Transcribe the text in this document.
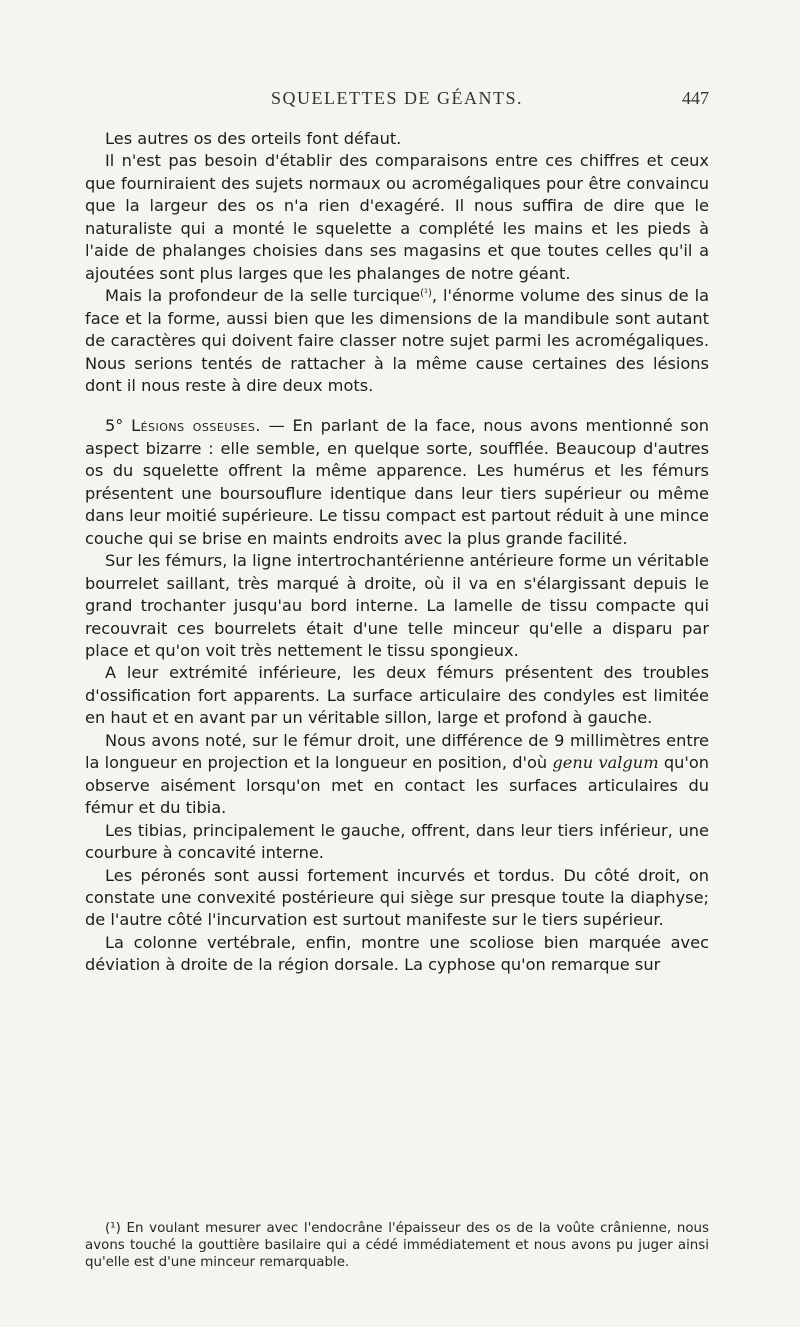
SQUELETTES DE GÉANTS.	447

Les autres os des orteils font défaut.

Il n'est pas besoin d'établir des comparaisons entre ces chiffres et ceux que fourniraient des sujets normaux ou acromégaliques pour être convaincu que la largeur des os n'a rien d'exagéré. Il nous suffira de dire que le naturaliste qui a monté le squelette a complété les mains et les pieds à l'aide de phalanges choisies dans ses magasins et que toutes celles qu'il a ajoutées sont plus larges que les phalanges de notre géant.

Mais la profondeur de la selle turcique$^{(^1)}$, l'énorme volume des sinus de la face et la forme, aussi bien que les dimensions de la mandibule sont autant de caractères qui doivent faire classer notre sujet parmi les acromégaliques. Nous serions tentés de rattacher à la même cause certaines des lésions dont il nous reste à dire deux mots.

5° Lésions osseuses. — En parlant de la face, nous avons mentionné son aspect bizarre : elle semble, en quelque sorte, soufflée. Beaucoup d'autres os du squelette offrent la même apparence. Les humérus et les fémurs présentent une boursouflure identique dans leur tiers supérieur ou même dans leur moitié supérieure. Le tissu compact est partout réduit à une mince couche qui se brise en maints endroits avec la plus grande facilité.

Sur les fémurs, la ligne intertrochantérienne antérieure forme un véritable bourrelet saillant, très marqué à droite, où il va en s'élargissant depuis le grand trochanter jusqu'au bord interne. La lamelle de tissu compacte qui recouvrait ces bourrelets était d'une telle minceur qu'elle a disparu par place et qu'on voit très nettement le tissu spongieux.

A leur extrémité inférieure, les deux fémurs présentent des troubles d'ossification fort apparents. La surface articulaire des condyles est limitée en haut et en avant par un véritable sillon, large et profond à gauche.

Nous avons noté, sur le fémur droit, une différence de 9 millimètres entre la longueur en projection et la longueur en position, d'où genu valgum qu'on observe aisément lorsqu'on met en contact les surfaces articulaires du fémur et du tibia.

Les tibias, principalement le gauche, offrent, dans leur tiers inférieur, une courbure à concavité interne.

Les péronés sont aussi fortement incurvés et tordus. Du côté droit, on constate une convexité postérieure qui siège sur presque toute la diaphyse; de l'autre côté l'incurvation est surtout manifeste sur le tiers supérieur.

La colonne vertébrale, enfin, montre une scoliose bien marquée avec déviation à droite de la région dorsale. La cyphose qu'on remarque sur

(¹) En voulant mesurer avec l'endocrâne l'épaisseur des os de la voûte crânienne, nous avons touché la gouttière basilaire qui a cédé immédiatement et nous avons pu juger ainsi qu'elle est d'une minceur remarquable.
